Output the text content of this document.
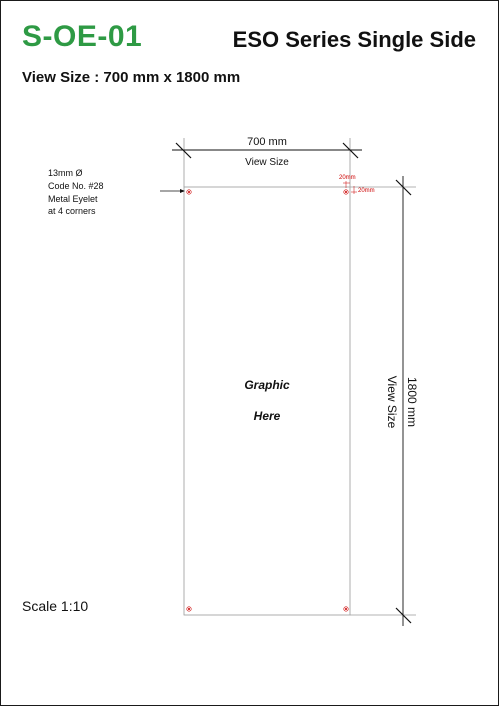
S-OE-01	ESO Series Single Side
View Size : 700 mm x 1800 mm
700 mm
View Size
View Size 1800 mm
Graphic
Here
13mm Ø Code No. #28 Metal Eyelet at 4 corners
20mm
20mm
Scale 1:10
